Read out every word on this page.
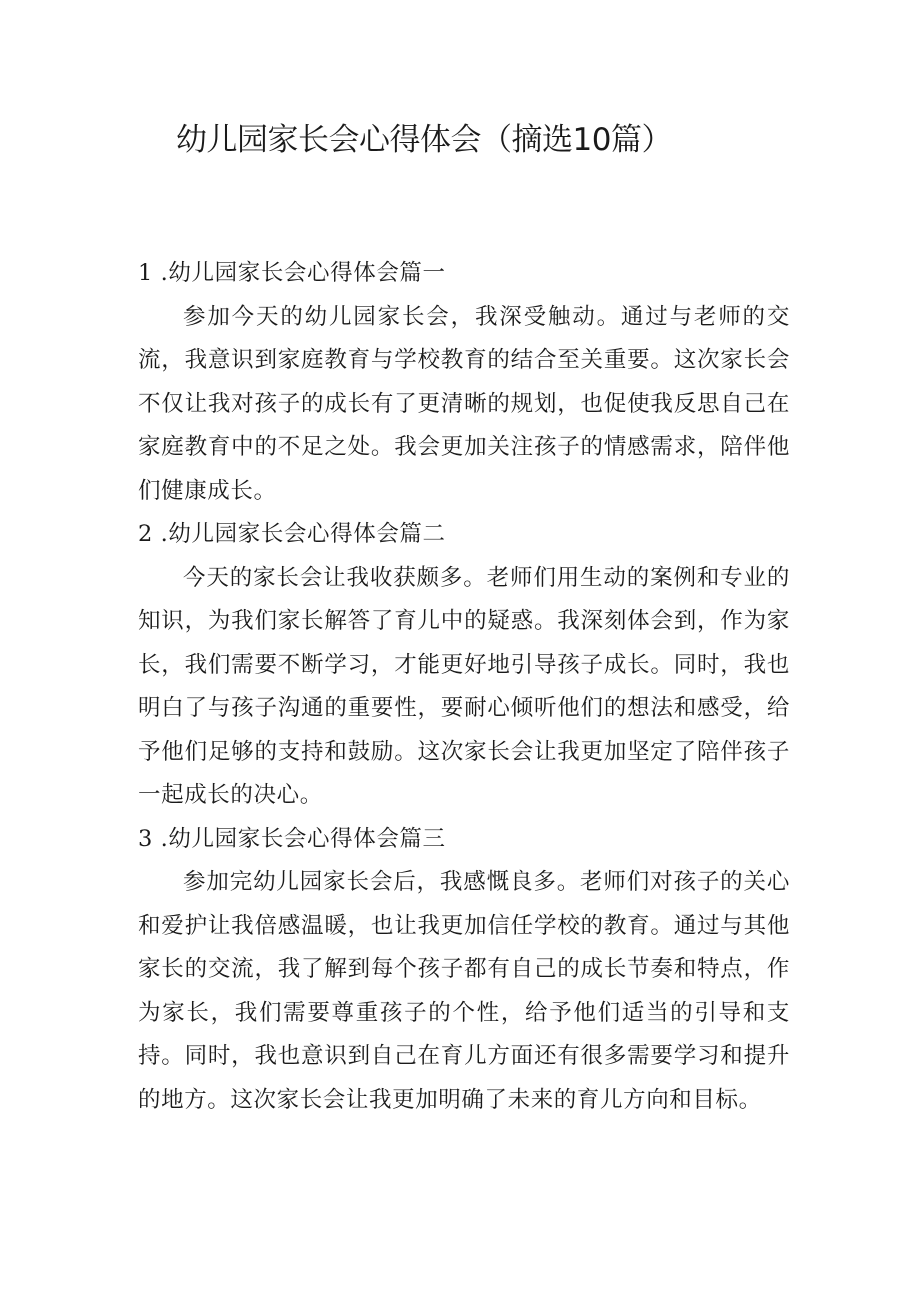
幼儿园家长会心得体会（摘选10篇）

1 .幼儿园家长会心得体会篇一

参加今天的幼儿园家长会，我深受触动。通过与老师的交流，我意识到家庭教育与学校教育的结合至关重要。这次家长会不仅让我对孩子的成长有了更清晰的规划，也促使我反思自己在家庭教育中的不足之处。我会更加关注孩子的情感需求，陪伴他们健康成长。

2 .幼儿园家长会心得体会篇二

今天的家长会让我收获颇多。老师们用生动的案例和专业的知识，为我们家长解答了育儿中的疑惑。我深刻体会到，作为家长，我们需要不断学习，才能更好地引导孩子成长。同时，我也明白了与孩子沟通的重要性，要耐心倾听他们的想法和感受，给予他们足够的支持和鼓励。这次家长会让我更加坚定了陪伴孩子一起成长的决心。

3 .幼儿园家长会心得体会篇三

参加完幼儿园家长会后，我感慨良多。老师们对孩子的关心和爱护让我倍感温暖，也让我更加信任学校的教育。通过与其他家长的交流，我了解到每个孩子都有自己的成长节奏和特点，作为家长，我们需要尊重孩子的个性，给予他们适当的引导和支持。同时，我也意识到自己在育儿方面还有很多需要学习和提升的地方。这次家长会让我更加明确了未来的育儿方向和目标。
